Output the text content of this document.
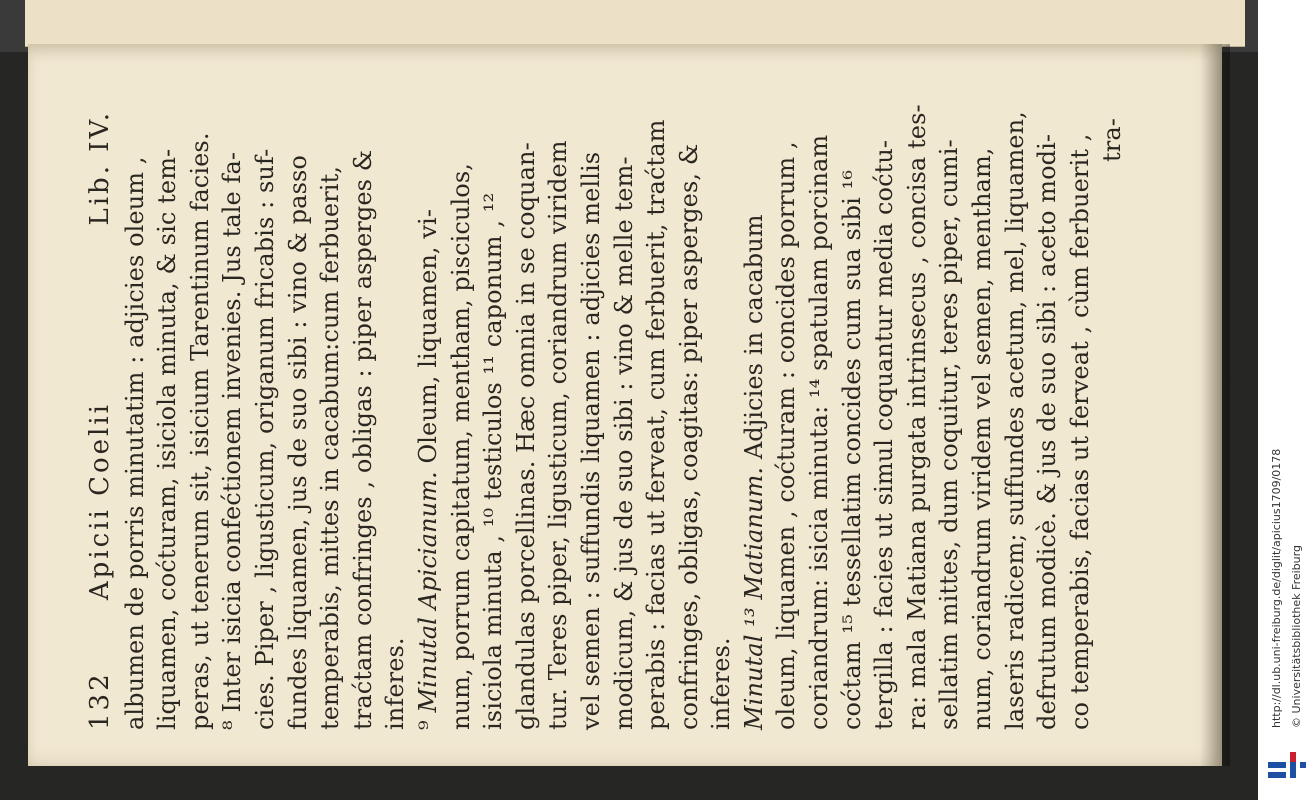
132 Apicii Coelii
Lib. IV. albumen de porris minutatim : adjicies oleum , liquamen, coćturam, isiciola minuta, & sic tem- peras, ut tenerum sit, isicium Tarentinum facies. ⁸ Inter isicia confećtionem invenies. Jus tale fa- cies. Piper , ligusticum, origanum fricabis : suf- fundes liquamen, jus de suo sibi : vino & passo temperabis, mittes in cacabum:cum ferbuerit, traćtam confringes , obligas : piper asperges & inferes. ⁹ Minutal Apicianum. Oleum, liquamen, vi- num, porrum capitatum, mentham, pisciculos, isiciola minuta , ¹⁰ testiculos ¹¹ caponum , ¹² glandulas porcellinas. Hæc omnia in se coquan- tur. Teres piper, ligusticum, coriandrum viridem vel semen : suffundis liquamen : adjicies mellis modicum, & jus de suo sibi : vino & melle tem- perabis : facias ut ferveat, cum ferbuerit, traćtam confringes, obligas, coagitas: piper asperges, & inferes. Minutal ¹³ Matianum. Adjicies in cacabum oleum, liquamen , coćturam : concides porrum , coriandrum: isicia minuta: ¹⁴ spatulam porcinam coćtam ¹⁵ tessellatim concides cum sua sibi ¹⁶ tergilla : facies ut simul coquantur media coćtu- ra: mala Matiana purgata intrinsecus , concisa tes- sellatim mittes, dum coquitur, teres piper, cumi- num, coriandrum viridem vel semen, mentham, laseris radicem; suffundes acetum, mel, liquamen, defrutum modicè. & jus de suo sibi : aceto modi- co temperabis, facias ut ferveat , cùm ferbuerit , tra-
http://dl.ub.uni-freiburg.de/diglit/apicius1709/0178 © Universitätsbibliothek Freiburg
